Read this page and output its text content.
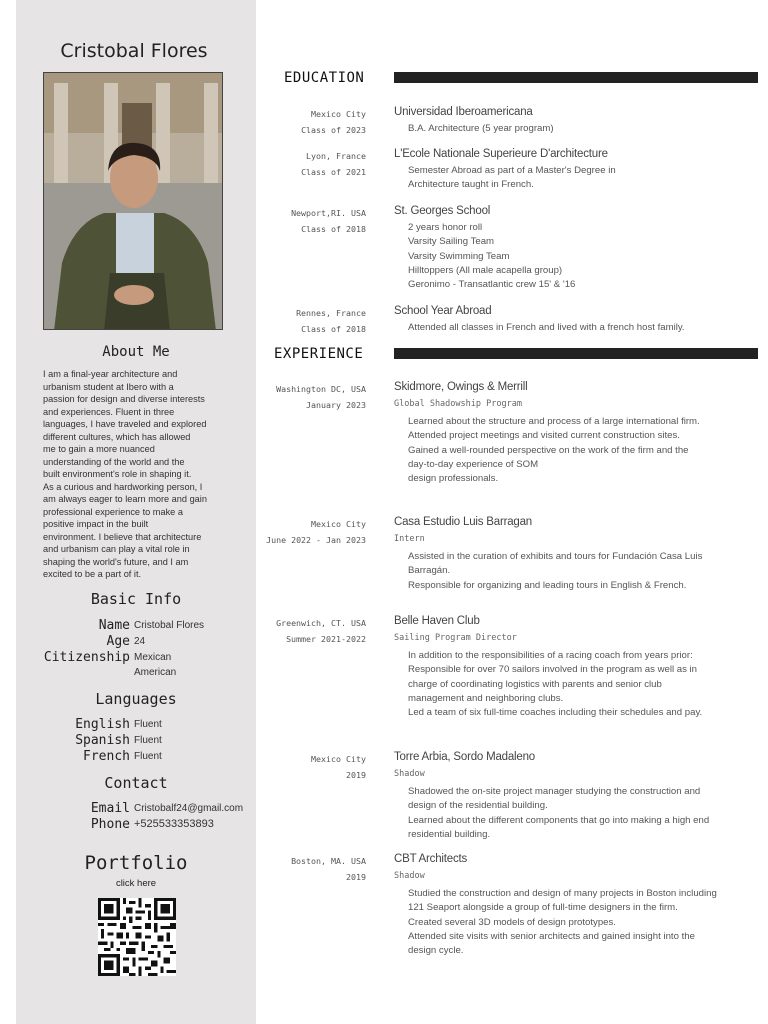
Cristobal Flores
About Me
I am a final-year architecture and
urbanism student at Ibero with a
passion for design and diverse interests
and experiences. Fluent in three
languages, I have traveled and explored
different cultures, which has allowed
me to gain a more nuanced
understanding of the world and the
built environment's role in shaping it.
As a curious and hardworking person, I
am always eager to learn more and gain
professional experience to make a
positive impact in the built
environment. I believe that architecture
and urbanism can play a vital role in
shaping the world's future, and I am
excited to be a part of it.
Basic Info
Name Cristobal Flores
Age 24
Citizenship Mexican
American
Languages
English Fluent
Spanish Fluent
French Fluent
Contact
Email Cristobalf24@gmail.com
Phone +525533353893
Portfolio
click here
EDUCATION
Mexico City
Class of 2023
Universidad Iberoamericana
B.A. Architecture (5 year program)
Lyon, France
Class of 2021
L'Ecole Nationale Superieure D'architecture
Semester Abroad as part of a Master's Degree in
Architecture taught in French.
Newport,RI. USA
Class of 2018
St. Georges School
2 years honor roll
Varsity Sailing Team
Varsity Swimming Team
Hilltoppers (All male acapella group)
Geronimo - Transatlantic crew 15' & '16
Rennes, France
Class of 2018
School Year Abroad
Attended all classes in French and lived with a french host family.
EXPERIENCE
Washington DC, USA
January 2023
Skidmore, Owings & Merrill
Global Shadowship Program
Learned about the structure and process of a large international firm.
Attended project meetings and visited current construction sites.
Gained a well-rounded perspective on the work of the firm and the
day-to-day experience of SOM
design professionals.
Mexico City
June 2022 - Jan 2023
Casa Estudio Luis Barragan
Intern
Assisted in the curation of exhibits and tours for Fundación Casa Luis
Barragán.
Responsible for organizing and leading tours in English & French.
Greenwich, CT. USA
Summer 2021-2022
Belle Haven Club
Sailing Program Director
In addition to the responsibilities of a racing coach from years prior:
Responsible for over 70 sailors involved in the program as well as in
charge of coordinating logistics with parents and senior club
management and neighboring clubs.
Led a team of six full-time coaches including their schedules and pay.
Mexico City
2019
Torre Arbia, Sordo Madaleno
Shadow
Shadowed the on-site project manager studying the construction and
design of the residential building.
Learned about the different components that go into making a high end
residential building.
Boston, MA. USA
2019
CBT Architects
Shadow
Studied the construction and design of many projects in Boston including
121 Seaport alongside a group of full-time designers in the firm.
Created several 3D models of design prototypes.
Attended site visits with senior architects and gained insight into the
design cycle.
